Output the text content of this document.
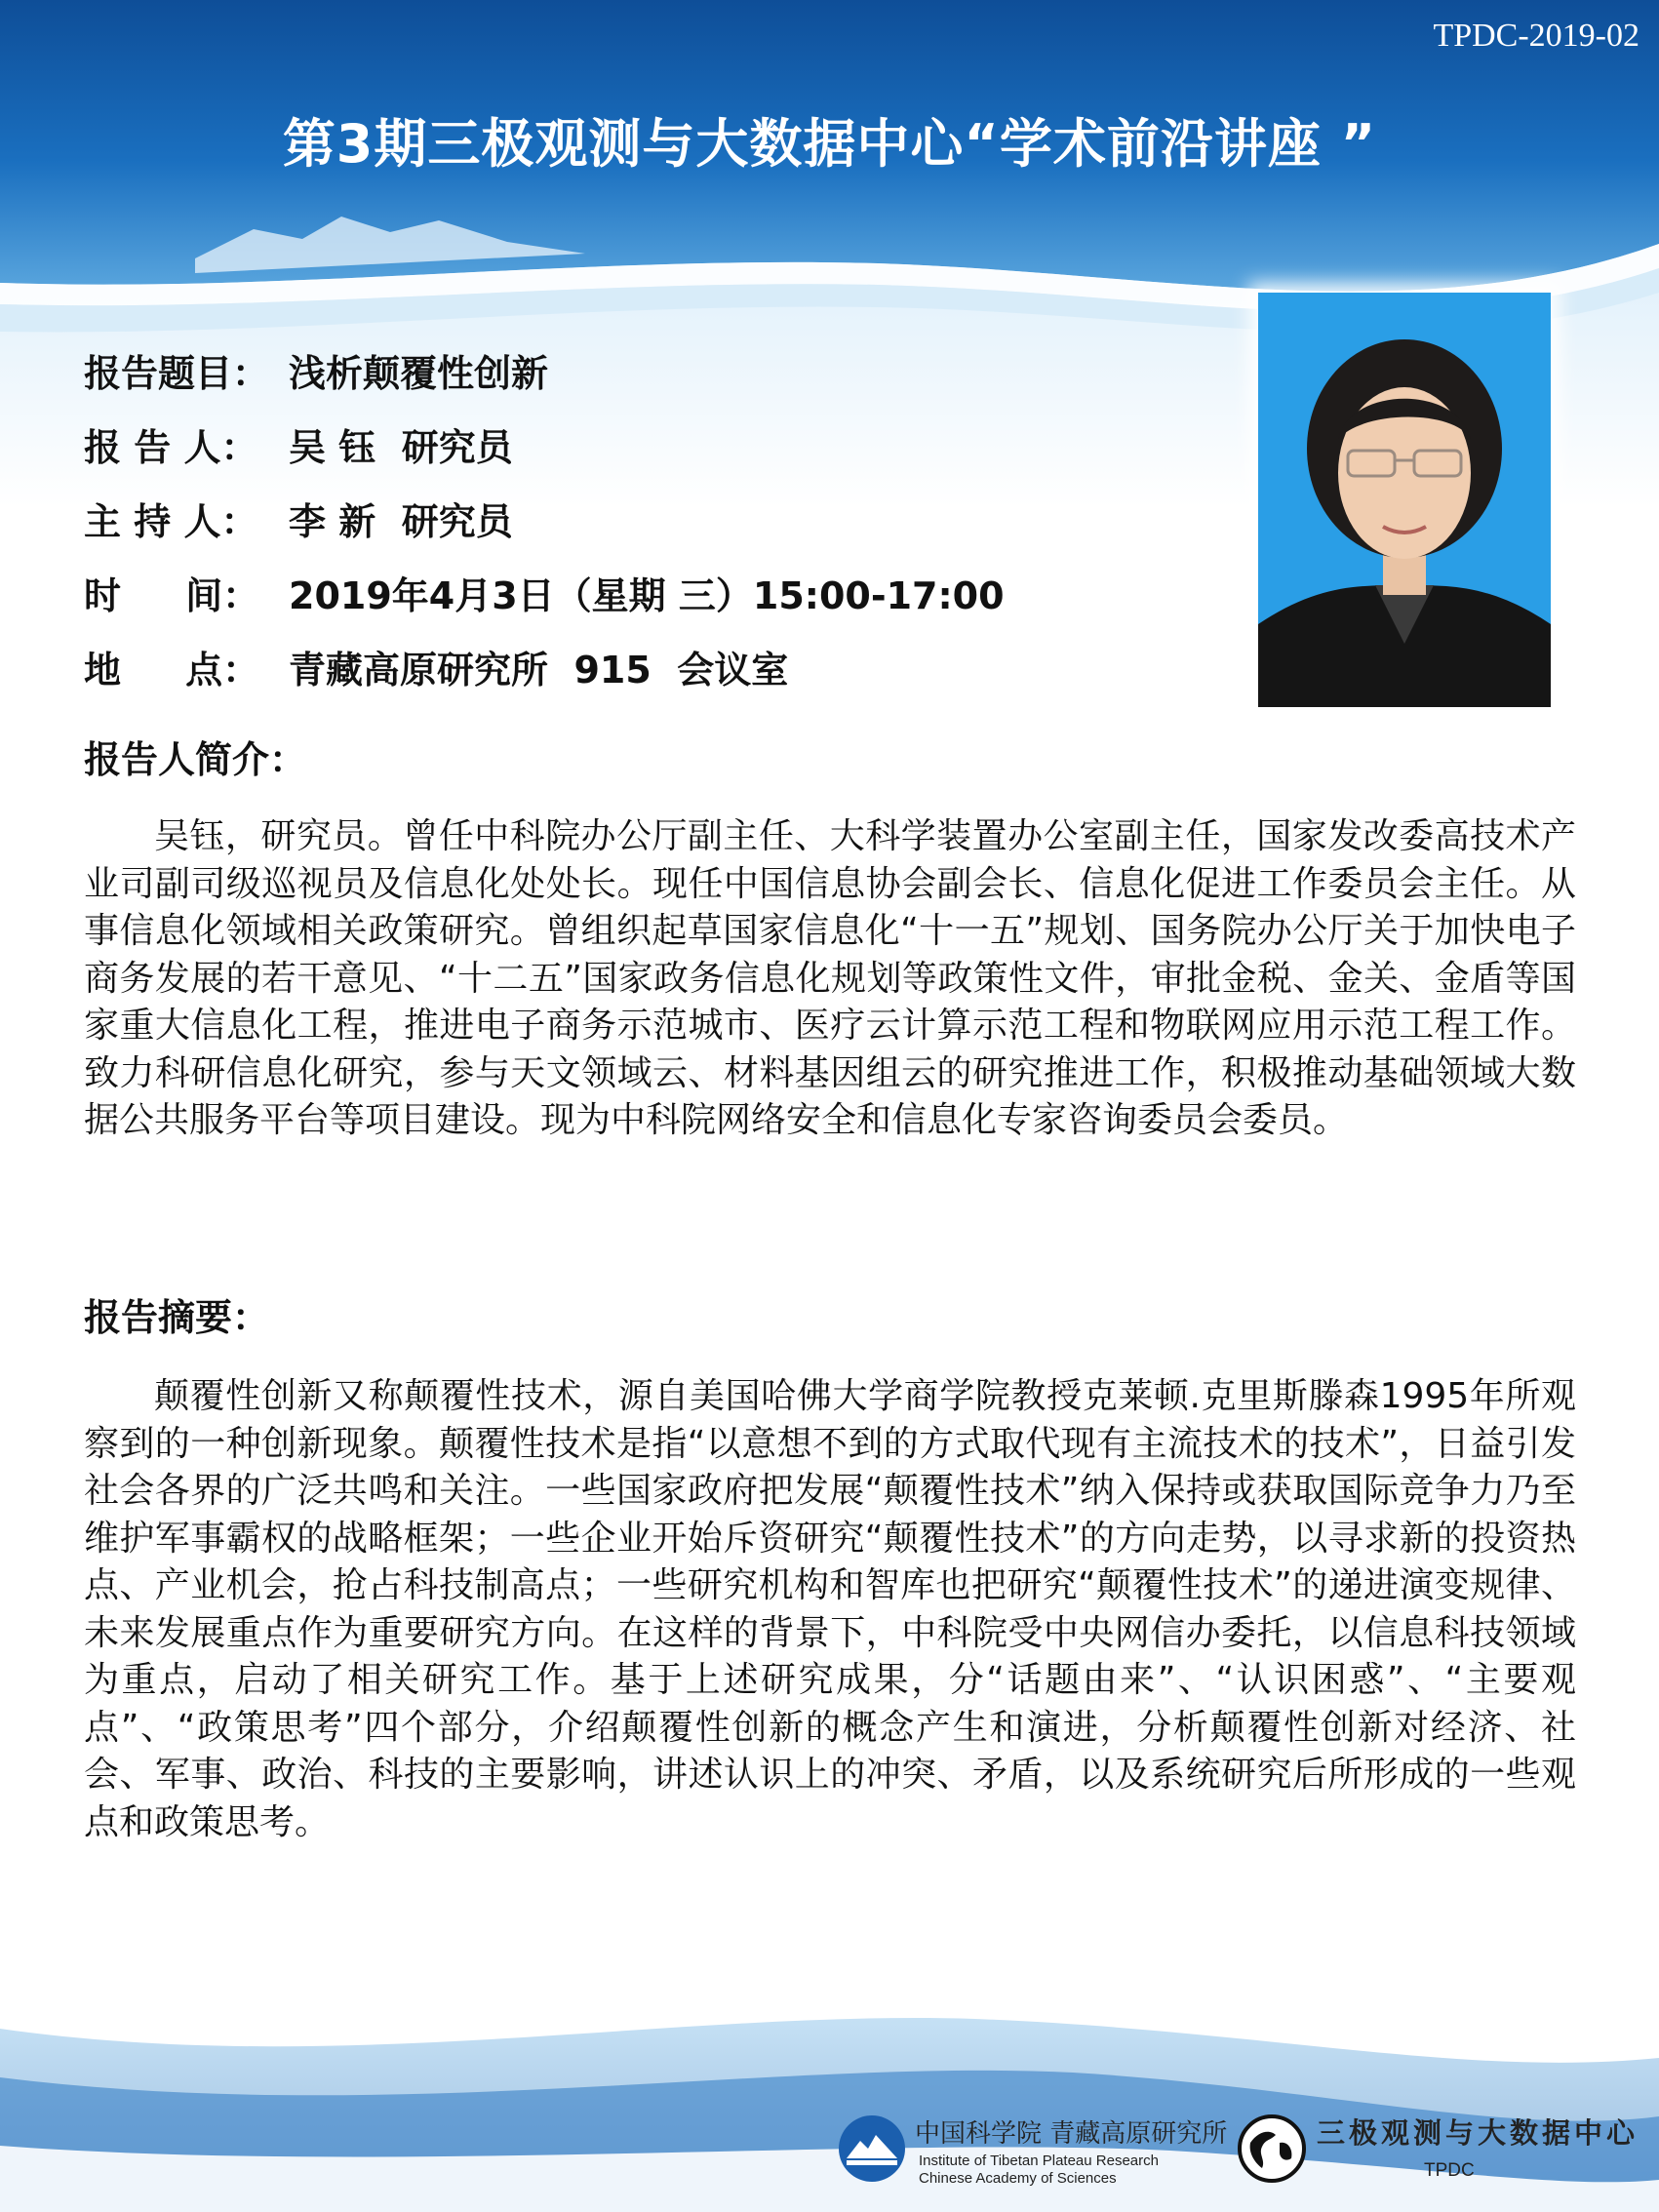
TPDC-2019-02
第3期三极观测与大数据中心“学术前沿讲座 ”
报告题目： 浅析颠覆性创新
报 告 人： 吴 钰  研究员
主 持 人： 李 新  研究员
时     间： 2019年4月3日（星期 三）15:00-17:00
地     点： 青藏高原研究所  915  会议室
报告人简介：
吴钰，研究员。曾任中科院办公厅副主任、大科学装置办公室副主任，国家发改委高技术产业司副司级巡视员及信息化处处长。现任中国信息协会副会长、信息化促进工作委员会主任。从事信息化领域相关政策研究。曾组织起草国家信息化“十一五”规划、国务院办公厅关于加快电子商务发展的若干意见、“十二五”国家政务信息化规划等政策性文件，审批金税、金关、金盾等国家重大信息化工程，推进电子商务示范城市、医疗云计算示范工程和物联网应用示范工程工作。致力科研信息化研究，参与天文领域云、材料基因组云的研究推进工作，积极推动基础领域大数据公共服务平台等项目建设。现为中科院网络安全和信息化专家咨询委员会委员。
报告摘要：
颠覆性创新又称颠覆性技术，源自美国哈佛大学商学院教授克莱顿.克里斯滕森1995年所观察到的一种创新现象。颠覆性技术是指“以意想不到的方式取代现有主流技术的技术”，日益引发社会各界的广泛共鸣和关注。一些国家政府把发展“颠覆性技术”纳入保持或获取国际竞争力乃至维护军事霸权的战略框架；一些企业开始斥资研究“颠覆性技术”的方向走势，以寻求新的投资热点、产业机会，抢占科技制高点；一些研究机构和智库也把研究“颠覆性技术”的递进演变规律、未来发展重点作为重要研究方向。在这样的背景下，中科院受中央网信办委托，以信息科技领域为重点，启动了相关研究工作。基于上述研究成果，分“话题由来”、“认识困惑”、“主要观点”、“政策思考”四个部分，介绍颠覆性创新的概念产生和演进，分析颠覆性创新对经济、社会、军事、政治、科技的主要影响，讲述认识上的冲突、矛盾，以及系统研究后所形成的一些观点和政策思考。
中国科学院 青藏高原研究所
Institute of Tibetan Plateau Research
Chinese Academy of Sciences
三极观测与大数据中心
TPDC
